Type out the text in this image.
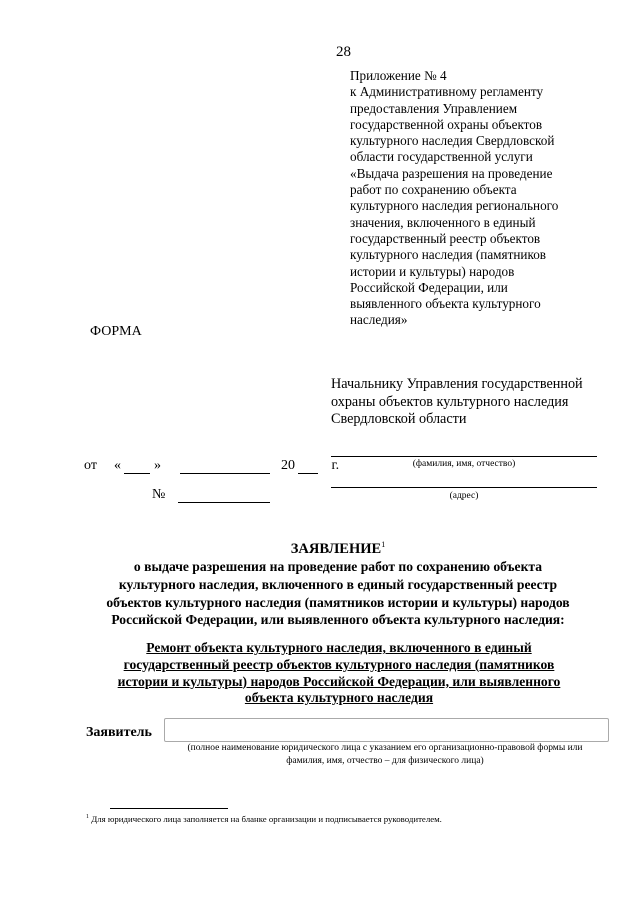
28
Приложение № 4
к Административному регламенту
предоставления Управлением
государственной охраны объектов
культурного наследия Свердловской
области государственной услуги
«Выдача разрешения на проведение
работ по сохранению объекта
культурного наследия регионального
значения, включенного в единый
государственный реестр объектов
культурного наследия (памятников
истории и культуры) народов
Российской Федерации, или
выявленного объекта культурного
наследия»
ФОРМА
Начальнику Управления государственной
охраны объектов культурного наследия
Свердловской области
(фамилия, имя, отчество)
(адрес)
от « »	20	г.
№
ЗАЯВЛЕНИЕ$^1$
о выдаче разрешения на проведение работ по сохранению объекта
культурного наследия, включенного в единый государственный реестр
объектов культурного наследия (памятников истории и культуры) народов
Российской Федерации, или выявленного объекта культурного наследия:
Ремонт объекта культурного наследия, включенного в единый
государственный реестр объектов культурного наследия (памятников
истории и культуры) народов Российской Федерации, или выявленного
объекта культурного наследия
Заявитель
(полное наименование юридического лица с указанием его организационно-правовой формы или
фамилия, имя, отчество – для физического лица)
$^1$ Для юридического лица заполняется на бланке организации и подписывается руководителем.
